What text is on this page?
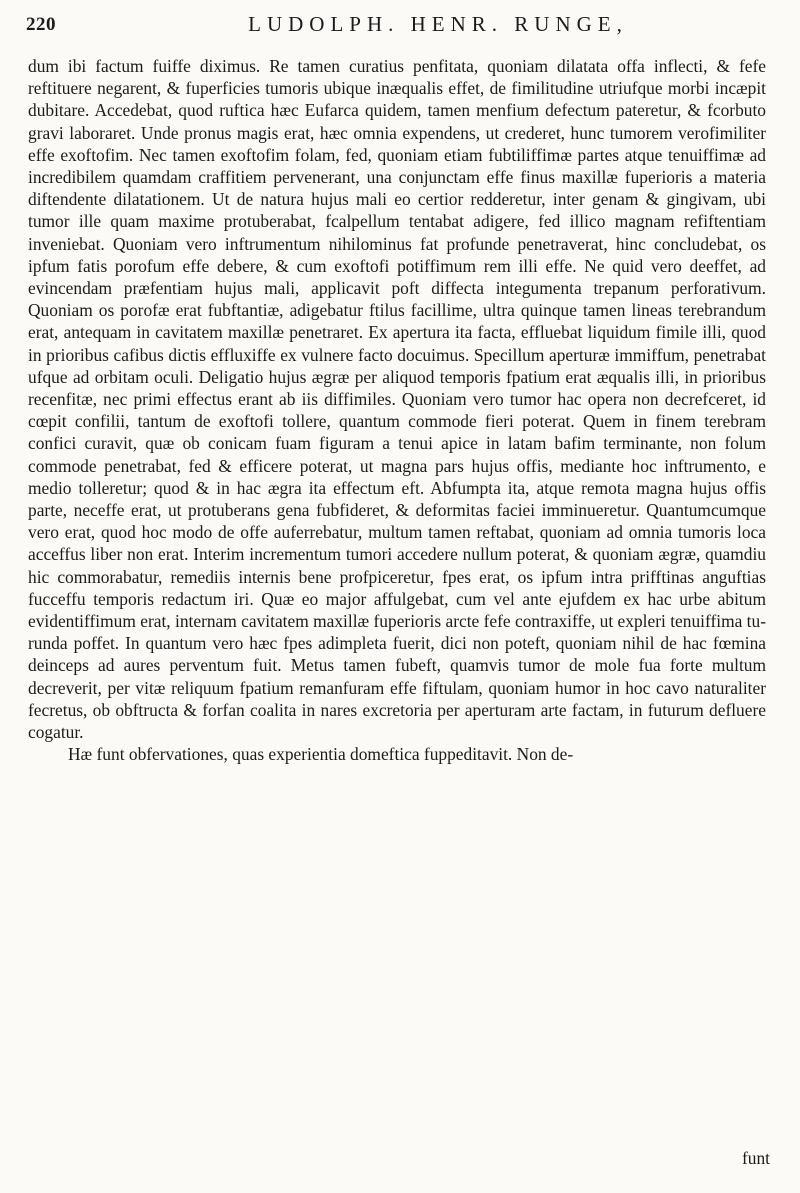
220	LUDOLPH. HENR. RUNGE,

dum ibi factum fuiffe diximus. Re tamen curatius penfitata, quoniam dilatata offa inflecti, & fefe reftituere negarent, & fuperficies tumoris ubique inæqualis effet, de fimilitudine utriufque morbi incæpit dubitare. Accedebat, quod ruftica hæc Eufarca quidem, tamen menfium defectum pateretur, & fcorbuto gravi laboraret. Unde pronus magis erat, hæc omnia expendens, ut crederet, hunc tumorem verofimiliter effe exoftofim. Nec tamen exoftofim folam, fed, quoniam etiam fubtiliffimæ partes atque tenuiffimæ ad incredibilem quamdam craffitiem pervenerant, una conjunctam effe finus maxillæ fuperioris a materia diftendente dilatationem. Ut de natura hujus mali eo certior redderetur, inter genam & gingivam, ubi tumor ille quam maxime protuberabat, fcalpellum tentabat adigere, fed illico magnam refiftentiam inveniebat. Quoniam vero inftrumentum nihilominus fat profunde penetraverat, hinc concludebat, os ipfum fatis porofum effe debere, & cum exoftofi potiffimum rem illi effe. Ne quid vero deeffet, ad evincendam præfentiam hujus mali, applicavit poft diffecta integumenta trepanum perforativum. Quoniam os porofæ erat fubftantiæ, adigebatur ftilus facillime, ultra quinque tamen lineas terebrandum erat, antequam in cavitatem maxillæ penetraret. Ex apertura ita facta, effluebat liquidum fimile illi, quod in prioribus cafibus dictis effluxiffe ex vulnere facto docuimus. Specillum aperturæ immiffum, penetrabat ufque ad orbitam oculi. Deligatio hujus ægræ per aliquod temporis fpatium erat æqualis illi, in prioribus recenfitæ, nec primi effectus erant ab iis diffimiles. Quoniam vero tumor hac opera non decrefceret, id cœpit confilii, tantum de exoftofi tollere, quantum commode fieri poterat. Quem in finem terebram confici curavit, quæ ob conicam fuam figuram a tenui apice in latam bafim terminante, non folum commode penetrabat, fed & efficere poterat, ut magna pars hujus offis, mediante hoc inftrumento, e medio tolleretur; quod & in hac ægra ita effectum eft. Abfumpta ita, atque remota magna hujus offis parte, neceffe erat, ut protuberans gena fubfideret, & deformitas faciei imminueretur. Quantumcumque vero erat, quod hoc modo de offe auferrebatur, multum tamen reftabat, quoniam ad omnia tumoris loca acceffus liber non erat. Interim incrementum tumori accedere nullum poterat, & quoniam ægræ, quamdiu hic commorabatur, remediis internis bene profpiceretur, fpes erat, os ipfum intra prifftinas anguftias fucceffu temporis redactum iri. Quæ eo major affulgebat, cum vel ante ejufdem ex hac urbe abitum evidentiffimum erat, internam cavitatem maxillæ fuperioris arcte fefe contraxiffe, ut expleri tenuiffima tu-runda poffet. In quantum vero hæc fpes adimpleta fuerit, dici non poteft, quoniam nihil de hac fœmina deinceps ad aures perventum fuit. Metus tamen fubeft, quamvis tumor de mole fua forte multum decreverit, per vitæ reliquum fpatium remanfuram effe fiftulam, quoniam humor in hoc cavo naturaliter fecretus, ob obftructa & forfan coalita in nares excretoria per aperturam arte factam, in futurum defluere cogatur.

Hæ funt obfervationes, quas experientia domeftica fuppeditavit. Non de-

funt
